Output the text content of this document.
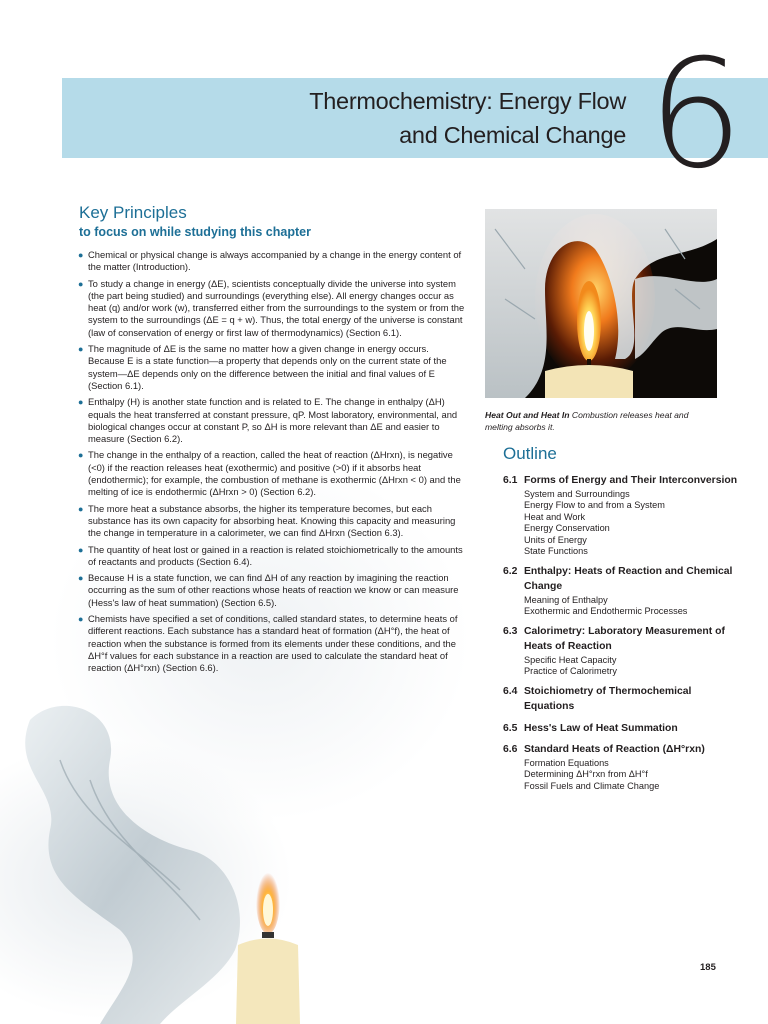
Thermochemistry: Energy Flow
and Chemical Change 6
Key Principles
to focus on while studying this chapter
● Chemical or physical change is always accompanied by a change in the energy content of the matter (Introduction).
● To study a change in energy (ΔE), scientists conceptually divide the universe into system (the part being studied) and surroundings (everything else). All energy changes occur as heat (q) and/or work (w), transferred either from the surroundings to the system or from the system to the surroundings (ΔE = q + w). Thus, the total energy of the universe is constant (law of conservation of energy or first law of thermodynamics) (Section 6.1).
● The magnitude of ΔE is the same no matter how a given change in energy occurs. Because E is a state function—a property that depends only on the current state of the system—ΔE depends only on the difference between the initial and final values of E (Section 6.1).
● Enthalpy (H) is another state function and is related to E. The change in enthalpy (ΔH) equals the heat transferred at constant pressure, qP. Most laboratory, environmental, and biological changes occur at constant P, so ΔH is more relevant than ΔE and easier to measure (Section 6.2).
● The change in the enthalpy of a reaction, called the heat of reaction (ΔHrxn), is negative (<0) if the reaction releases heat (exothermic) and positive (>0) if it absorbs heat (endothermic); for example, the combustion of methane is exothermic (ΔHrxn < 0) and the melting of ice is endothermic (ΔHrxn > 0) (Section 6.2).
● The more heat a substance absorbs, the higher its temperature becomes, but each substance has its own capacity for absorbing heat. Knowing this capacity and measuring the change in temperature in a calorimeter, we can find ΔHrxn (Section 6.3).
● The quantity of heat lost or gained in a reaction is related stoichiometrically to the amounts of reactants and products (Section 6.4).
● Because H is a state function, we can find ΔH of any reaction by imagining the reaction occurring as the sum of other reactions whose heats of reaction we know or can measure (Hess's law of heat summation) (Section 6.5).
● Chemists have specified a set of conditions, called standard states, to determine heats of different reactions. Each substance has a standard heat of formation (ΔH°f), the heat of reaction when the substance is formed from its elements under these conditions, and the ΔH°f values for each substance in a reaction are used to calculate the standard heat of reaction (ΔH°rxn) (Section 6.6).
Heat Out and Heat In Combustion releases heat and melting absorbs it.
Outline
6.1 Forms of Energy and Their Interconversion
System and Surroundings
Energy Flow to and from a System
Heat and Work
Energy Conservation
Units of Energy
State Functions
6.2 Enthalpy: Heats of Reaction and Chemical Change
Meaning of Enthalpy
Exothermic and Endothermic Processes
6.3 Calorimetry: Laboratory Measurement of Heats of Reaction
Specific Heat Capacity
Practice of Calorimetry
6.4 Stoichiometry of Thermochemical Equations
6.5 Hess's Law of Heat Summation
6.6 Standard Heats of Reaction (ΔH°rxn)
Formation Equations
Determining ΔH°rxn from ΔH°f
Fossil Fuels and Climate Change
185
